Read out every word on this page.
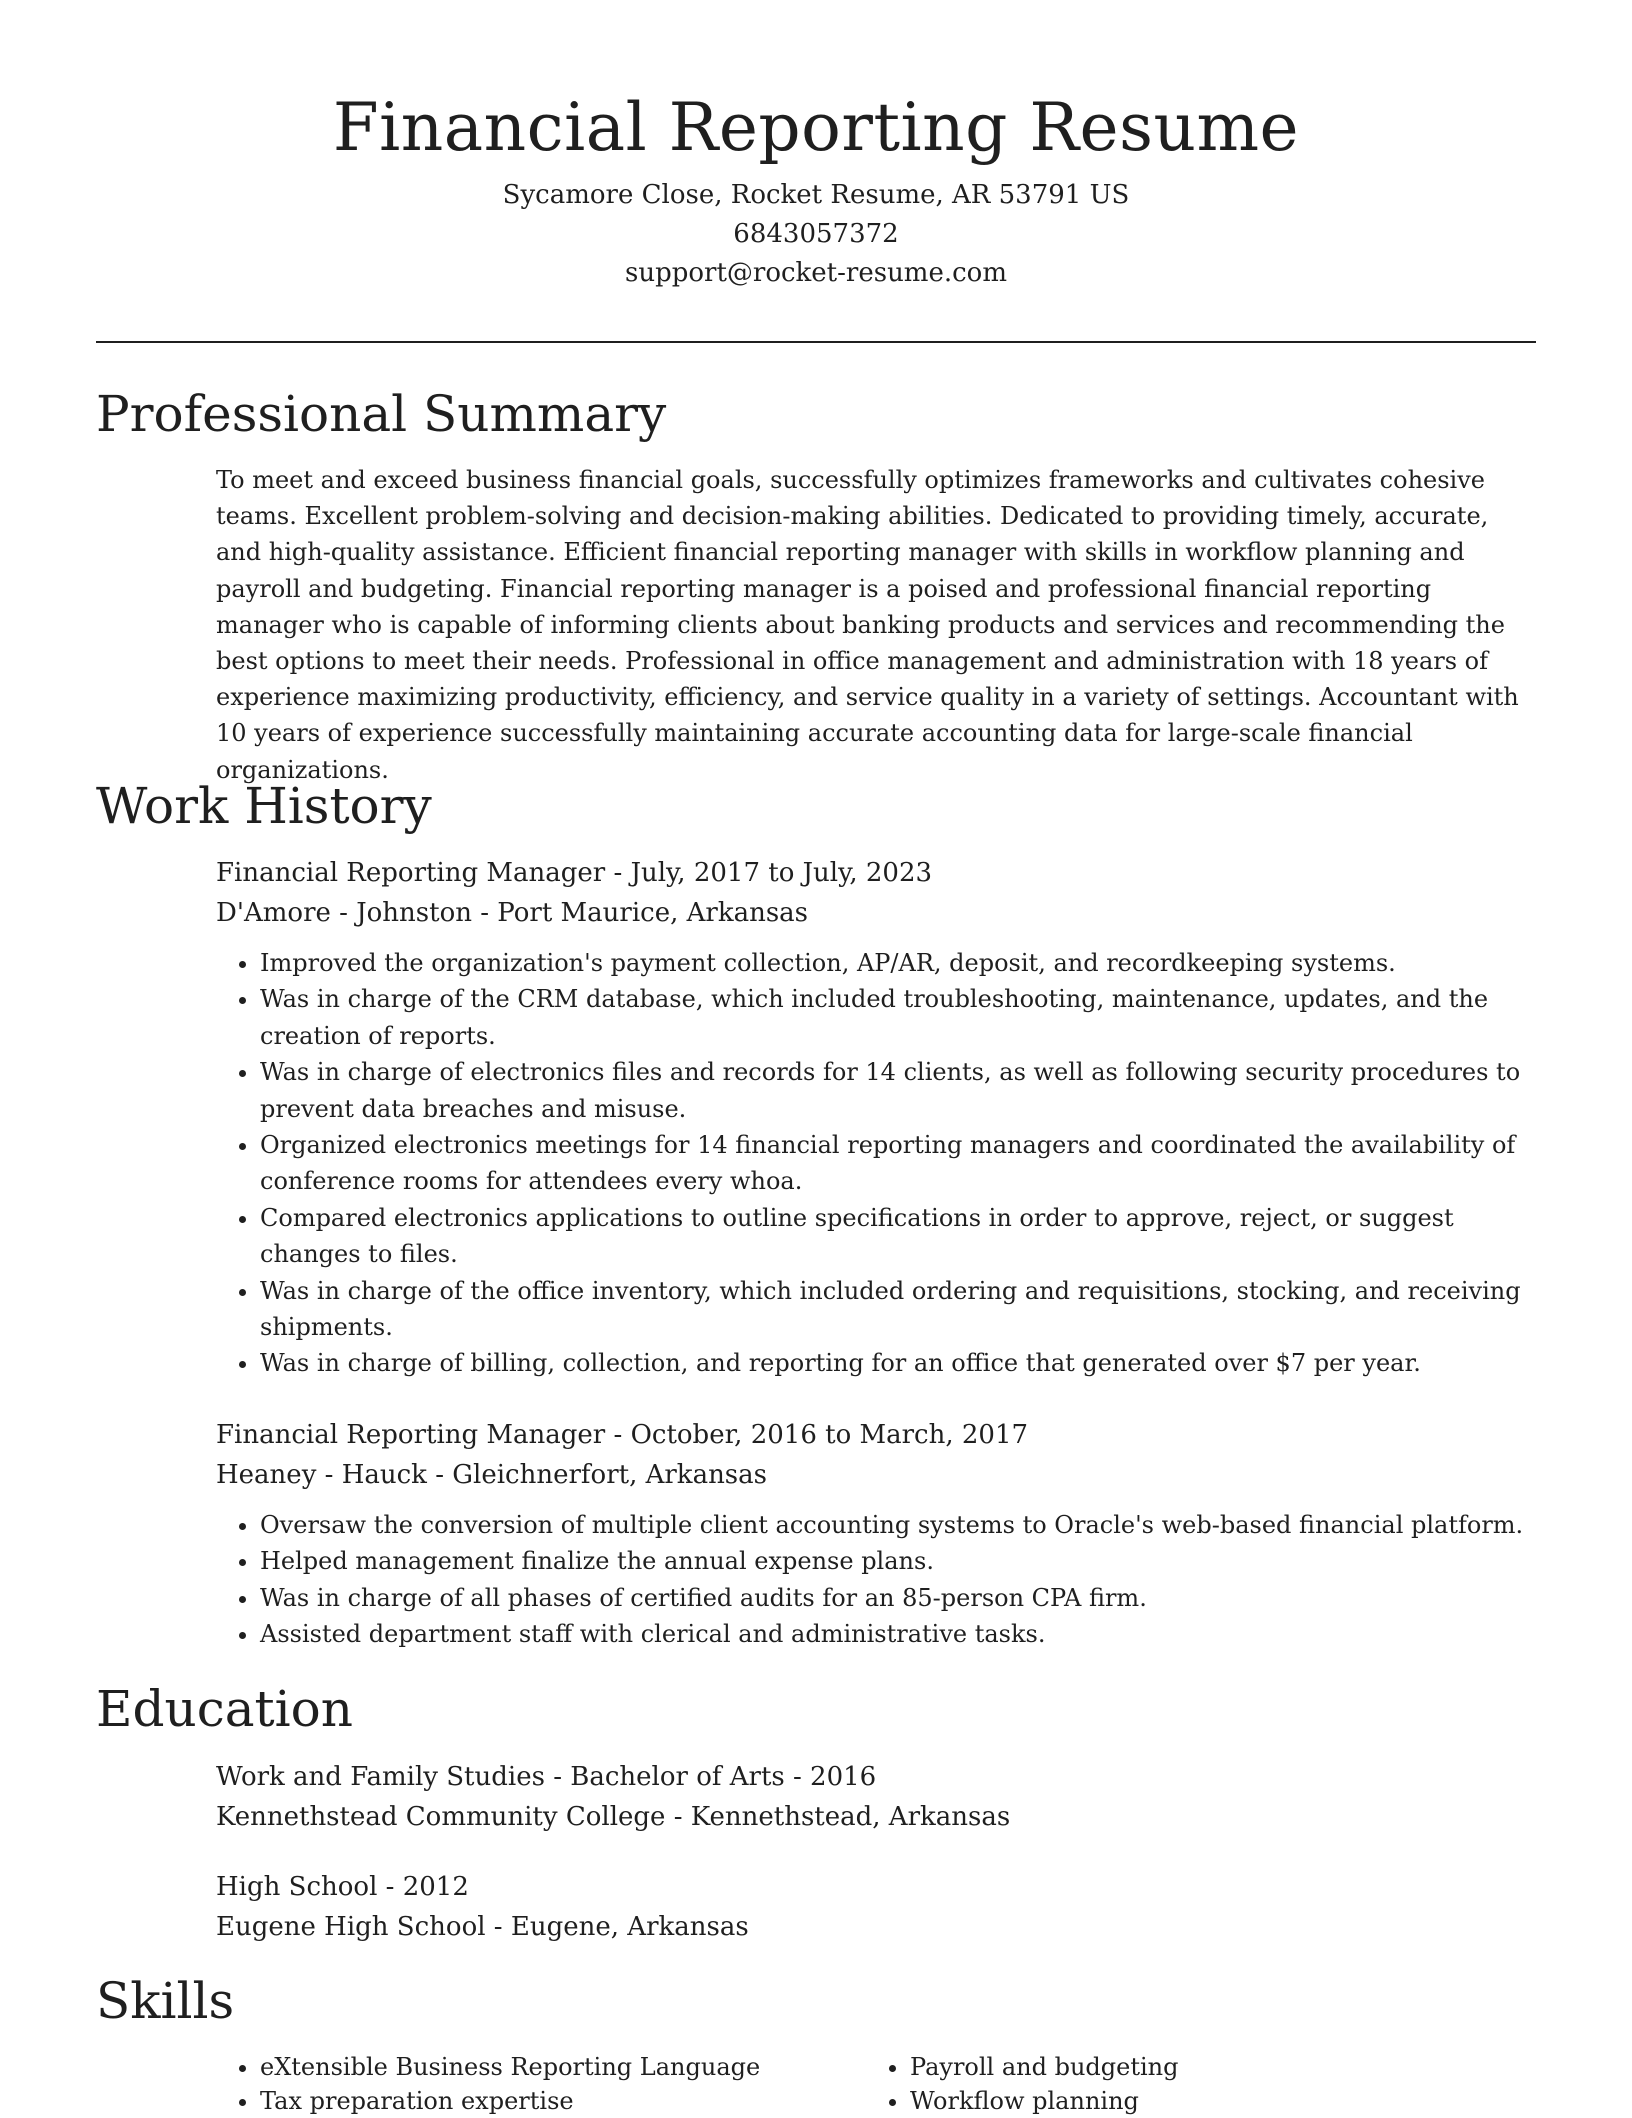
Financial Reporting Resume
Sycamore Close, Rocket Resume, AR 53791 US
6843057372
support@rocket-resume.com
Professional Summary
To meet and exceed business financial goals, successfully optimizes frameworks and cultivates cohesive teams. Excellent problem-solving and decision-making abilities. Dedicated to providing timely, accurate, and high-quality assistance. Efficient financial reporting manager with skills in workflow planning and payroll and budgeting. Financial reporting manager is a poised and professional financial reporting manager who is capable of informing clients about banking products and services and recommending the best options to meet their needs. Professional in office management and administration with 18 years of experience maximizing productivity, efficiency, and service quality in a variety of settings. Accountant with 10 years of experience successfully maintaining accurate accounting data for large-scale financial organizations.
Work History
Financial Reporting Manager - July, 2017 to July, 2023
D'Amore - Johnston - Port Maurice, Arkansas
• Improved the organization's payment collection, AP/AR, deposit, and recordkeeping systems.
• Was in charge of the CRM database, which included troubleshooting, maintenance, updates, and the creation of reports.
• Was in charge of electronics files and records for 14 clients, as well as following security procedures to prevent data breaches and misuse.
• Organized electronics meetings for 14 financial reporting managers and coordinated the availability of conference rooms for attendees every whoa.
• Compared electronics applications to outline specifications in order to approve, reject, or suggest changes to files.
• Was in charge of the office inventory, which included ordering and requisitions, stocking, and receiving shipments.
• Was in charge of billing, collection, and reporting for an office that generated over $7 per year.
Financial Reporting Manager - October, 2016 to March, 2017
Heaney - Hauck - Gleichnerfort, Arkansas
• Oversaw the conversion of multiple client accounting systems to Oracle's web-based financial platform.
• Helped management finalize the annual expense plans.
• Was in charge of all phases of certified audits for an 85-person CPA firm.
• Assisted department staff with clerical and administrative tasks.
Education
Work and Family Studies - Bachelor of Arts - 2016
Kennethstead Community College - Kennethstead, Arkansas
High School - 2012
Eugene High School - Eugene, Arkansas
Skills
• eXtensible Business Reporting Language
• Tax preparation expertise
• Payroll and budgeting
• Workflow planning
